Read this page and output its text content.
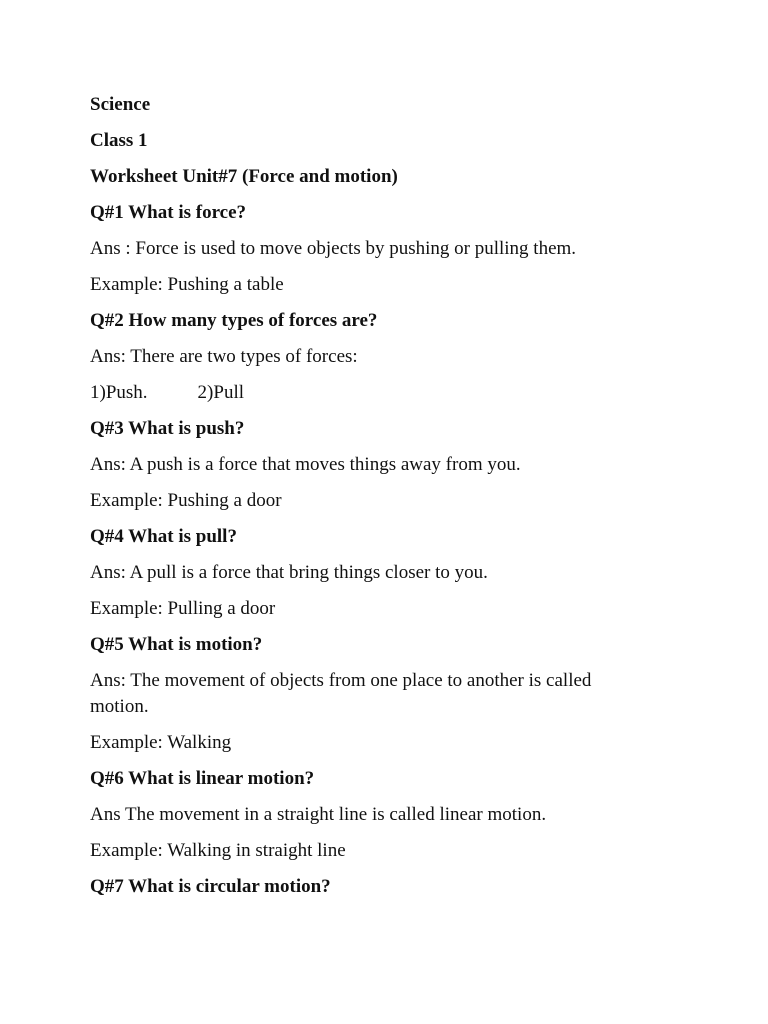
Science
Class 1
Worksheet Unit#7 (Force and motion)
Q#1 What is force?
Ans : Force is used to move objects by pushing or pulling them.
Example: Pushing a table
Q#2 How many types of forces are?
Ans: There are two types of forces:
1)Push.	2)Pull
Q#3 What is push?
Ans: A push is a force that moves things away from you.
Example: Pushing a door
Q#4 What is pull?
Ans: A pull is a force that bring things closer to you.
Example: Pulling a door
Q#5 What is motion?
Ans: The movement of objects from one place to another is called motion.
Example: Walking
Q#6 What is linear motion?
Ans The movement in a straight line is called linear motion.
Example: Walking in straight line
Q#7 What is circular motion?
